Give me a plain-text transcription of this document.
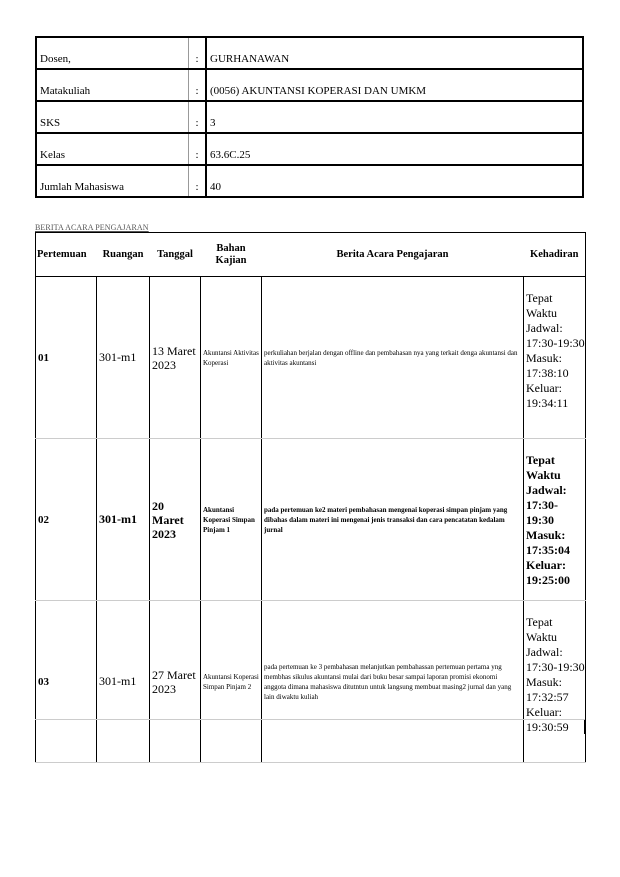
Dosen,	:	GURHANAWAN
Matakuliah	:	(0056) AKUNTANSI KOPERASI DAN UMKM
SKS	:	3
Kelas	:	63.6C.25
Jumlah Mahasiswa	:	40
BERITA ACARA PENGAJARAN
Pertemuan	Ruangan	Tanggal	Bahan Kajian	Berita Acara Pengajaran	Kehadiran
01	301-m1	13 Maret 2023	Akuntansi Aktivitas Koperasi	perkuliahan berjalan dengan offline dan pembahasan nya yang terkait denga akuntansi dan aktivitas akuntansi	Tepat Waktu Jadwal: 17:30-19:30 Masuk: 17:38:10 Keluar: 19:34:11
02	301-m1	20 Maret 2023	Akuntansi Koperasi Simpan Pinjam 1	pada pertemuan ke2 materi pembahasan mengenai koperasi simpan pinjam yang dibahas dalam materi ini mengenai jenis transaksi dan cara pencatatan kedalam jurnal	Tepat Waktu Jadwal: 17:30-19:30 Masuk: 17:35:04 Keluar: 19:25:00
03	301-m1	27 Maret 2023	Akuntansi Koperasi Simpan Pinjam 2	pada pertemuan ke 3 pembahasan melanjutkan pembahassan pertemuan pertama yng membhas sikulus akuntansi mulai dari buku besar sampai laporan promisi ekonomi anggota dimana mahasiswa ditutntun untuk langsung membuat masing2 jurnal dan yang lain diwaktu kuliah	Tepat Waktu Jadwal: 17:30-19:30 Masuk: 17:32:57 Keluar: 19:30:59
